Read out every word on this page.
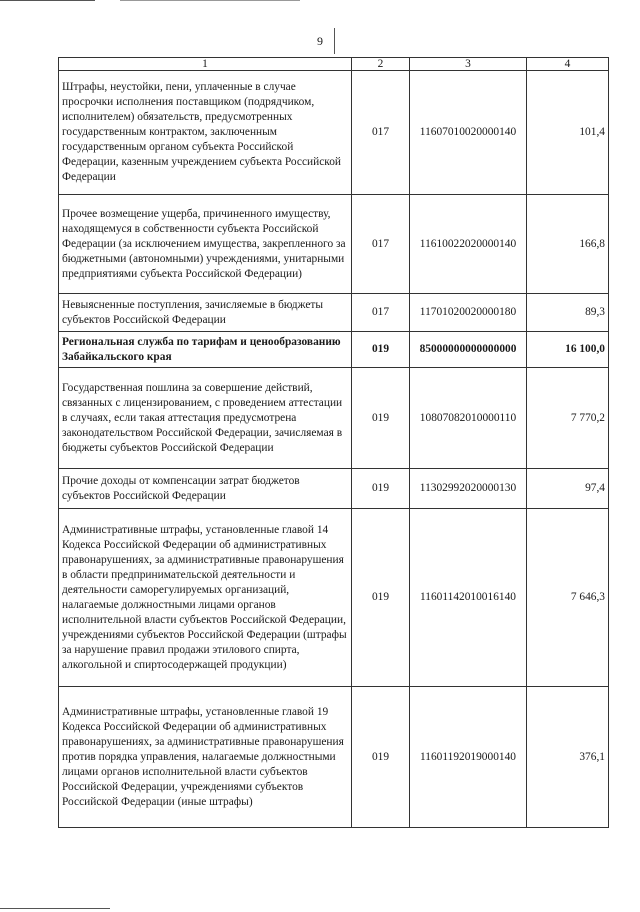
9
1	2	3	4
Штрафы, неустойки, пени, уплаченные в случае просрочки исполнения поставщиком (подрядчиком, исполнителем) обязательств, предусмотренных государственным контрактом, заключенным государственным органом субъекта Российской Федерации, казенным учреждением субъекта Российской Федерации	017	11607010020000140	101,4
Прочее возмещение ущерба, причиненного имуществу, находящемуся в собственности субъекта Российской Федерации (за исключением имущества, закрепленного за бюджетными (автономными) учреждениями, унитарными предприятиями субъекта Российской Федерации)	017	11610022020000140	166,8
Невыясненные поступления, зачисляемые в бюджеты субъектов Российской Федерации	017	11701020020000180	89,3
Региональная служба по тарифам и ценообразованию Забайкальского края	019	85000000000000000	16 100,0
Государственная пошлина за совершение действий, связанных с лицензированием, с проведением аттестации в случаях, если такая аттестация предусмотрена законодательством Российской Федерации, зачисляемая в бюджеты субъектов Российской Федерации	019	10807082010000110	7 770,2
Прочие доходы от компенсации затрат бюджетов субъектов Российской Федерации	019	11302992020000130	97,4
Административные штрафы, установленные главой 14 Кодекса Российской Федерации об административных правонарушениях, за административные правонарушения в области предпринимательской деятельности и деятельности саморегулируемых организаций, налагаемые должностными лицами органов исполнительной власти субъектов Российской Федерации, учреждениями субъектов Российской Федерации (штрафы за нарушение правил продажи этилового спирта, алкогольной и спиртосодержащей продукции)	019	11601142010016140	7 646,3
Административные штрафы, установленные главой 19 Кодекса Российской Федерации об административных правонарушениях, за административные правонарушения против порядка управления, налагаемые должностными лицами органов исполнительной власти субъектов Российской Федерации, учреждениями субъектов Российской Федерации (иные штрафы)	019	11601192019000140	376,1
